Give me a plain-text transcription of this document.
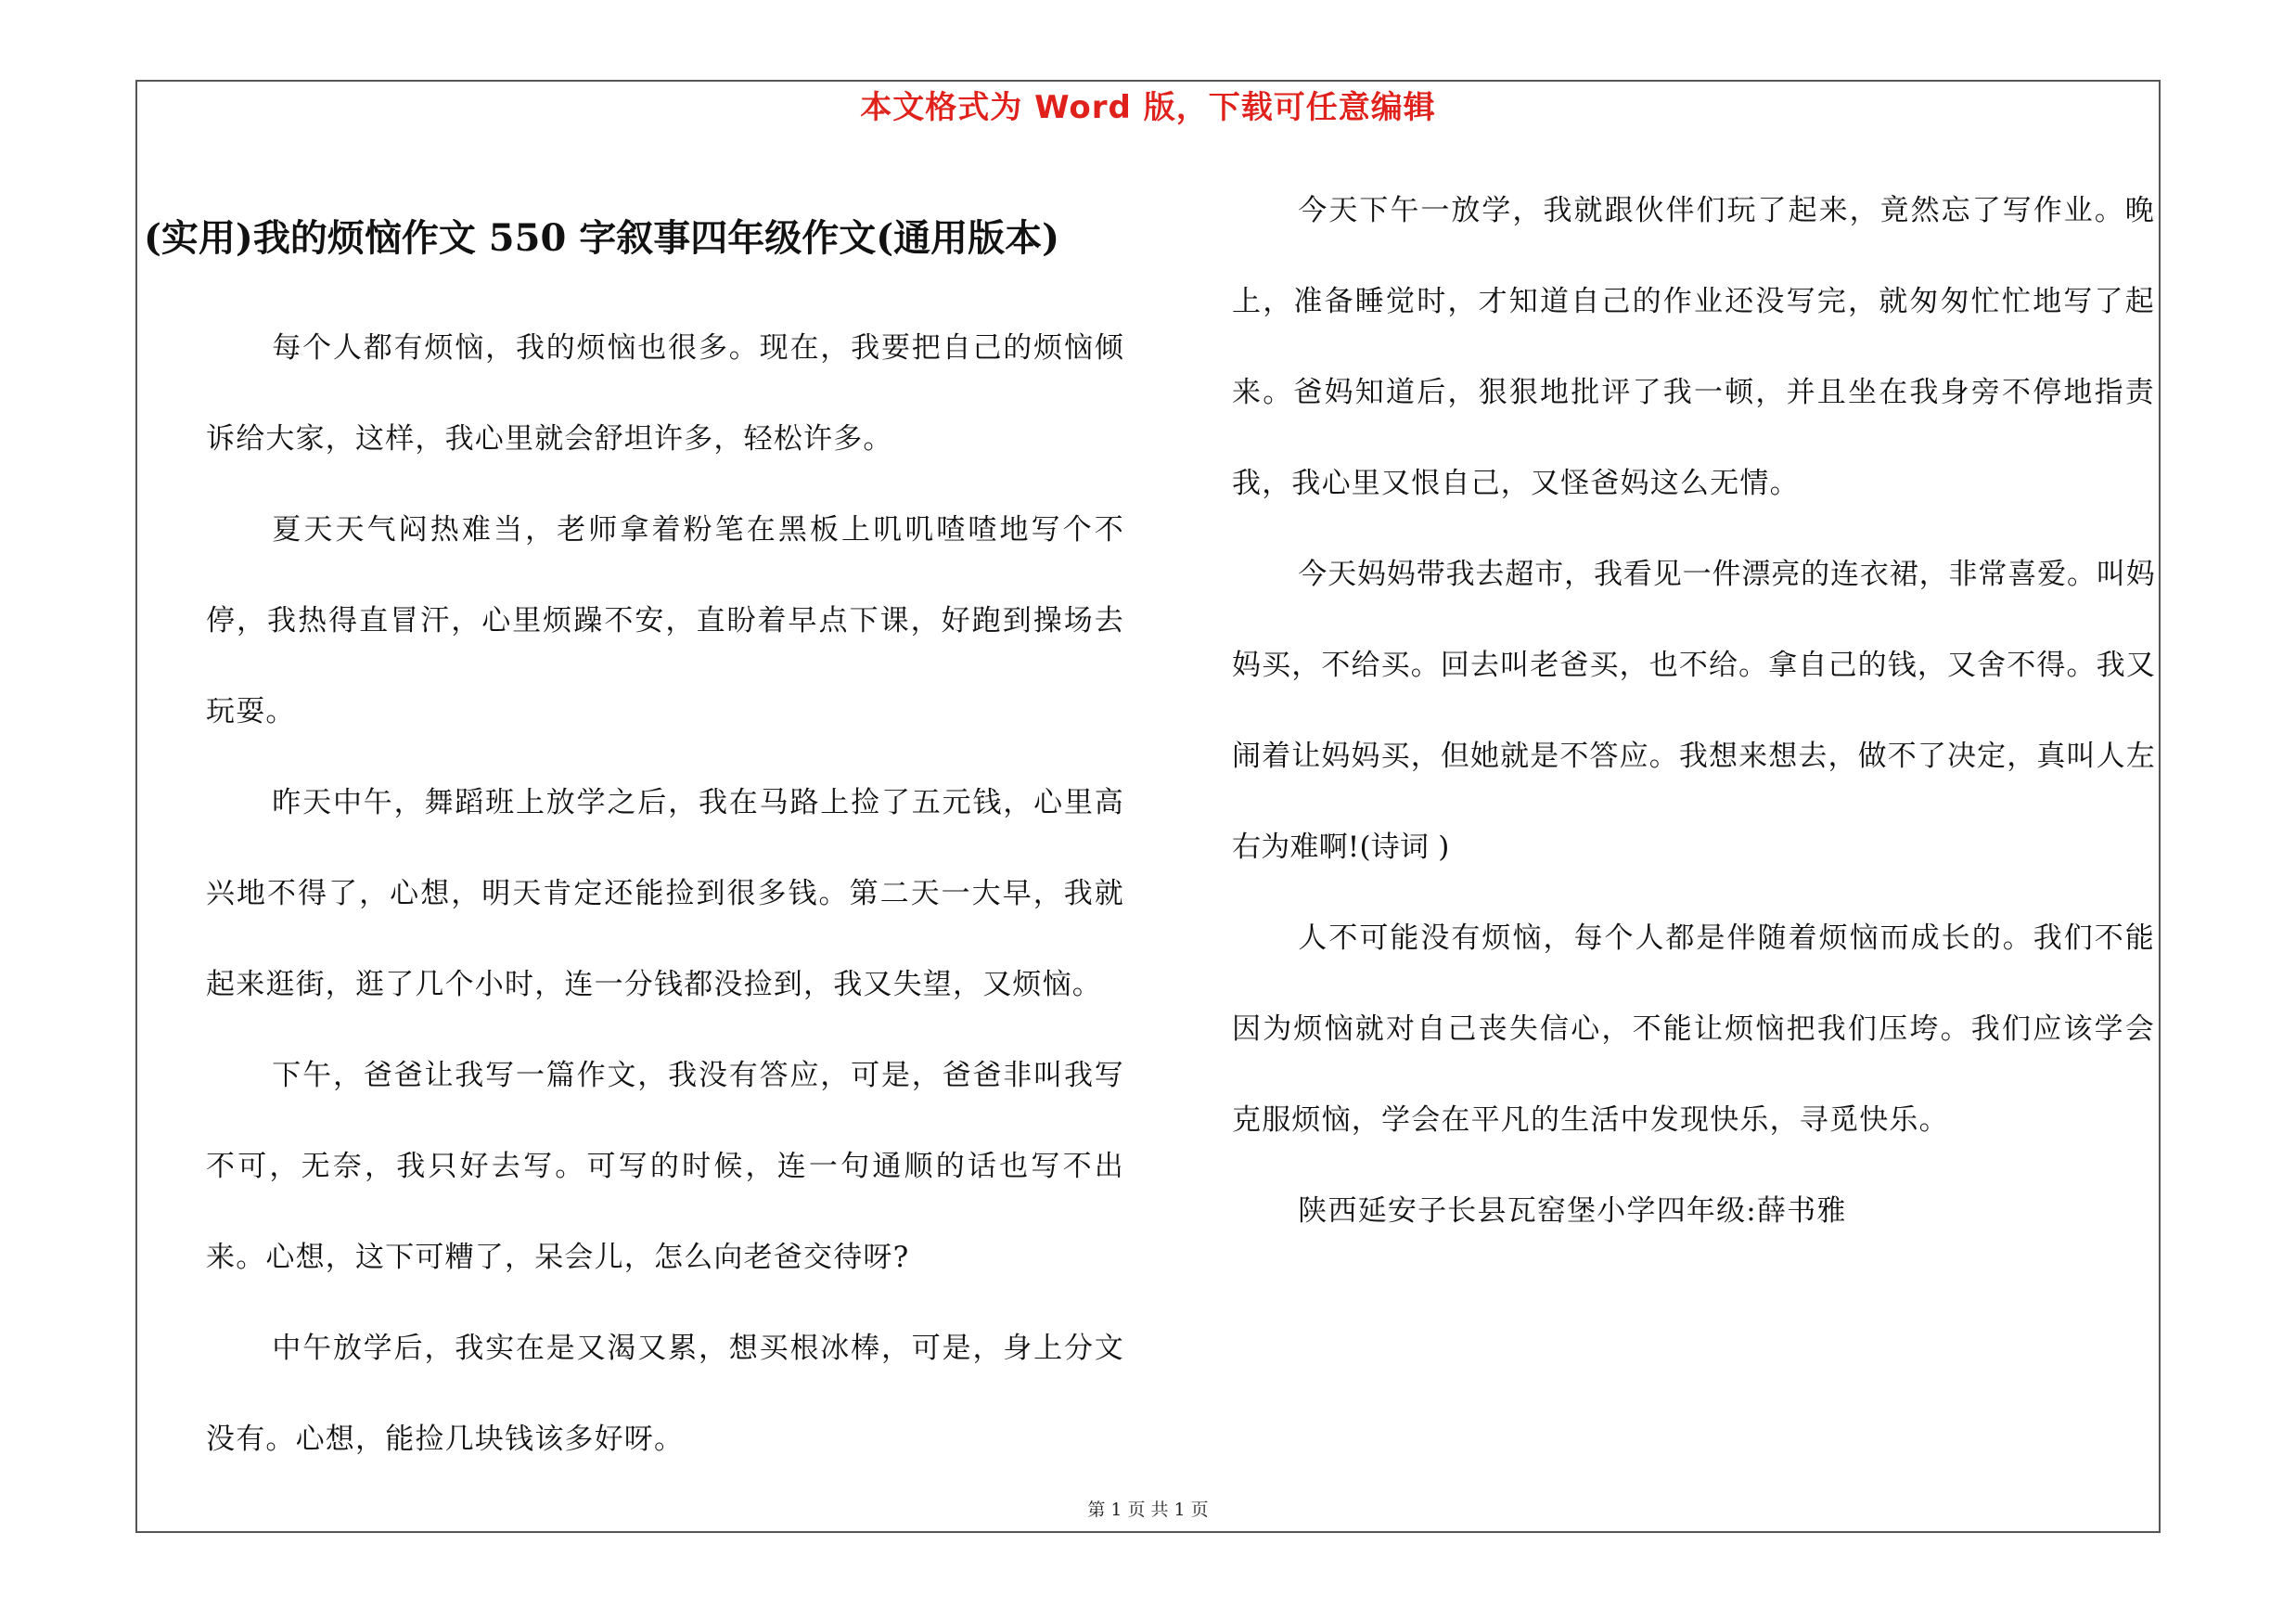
本文格式为 Word 版，下载可任意编辑
(实用)我的烦恼作文 550 字叙事四年级作文(通用版本)

每个人都有烦恼，我的烦恼也很多。现在，我要把自己的烦恼倾诉给大家，这样，我心里就会舒坦许多，轻松许多。

夏天天气闷热难当，老师拿着粉笔在黑板上叽叽喳喳地写个不停，我热得直冒汗，心里烦躁不安，直盼着早点下课，好跑到操场去玩耍。

昨天中午，舞蹈班上放学之后，我在马路上捡了五元钱，心里高兴地不得了，心想，明天肯定还能捡到很多钱。第二天一大早，我就起来逛街，逛了几个小时，连一分钱都没捡到，我又失望，又烦恼。

下午，爸爸让我写一篇作文，我没有答应，可是，爸爸非叫我写不可，无奈，我只好去写。可写的时候，连一句通顺的话也写不出来。心想，这下可糟了，呆会儿，怎么向老爸交待呀?

中午放学后，我实在是又渴又累，想买根冰棒，可是，身上分文没有。心想，能捡几块钱该多好呀。

今天下午一放学，我就跟伙伴们玩了起来，竟然忘了写作业。晚上，准备睡觉时，才知道自己的作业还没写完，就匆匆忙忙地写了起来。爸妈知道后，狠狠地批评了我一顿，并且坐在我身旁不停地指责我，我心里又恨自己，又怪爸妈这么无情。

今天妈妈带我去超市，我看见一件漂亮的连衣裙，非常喜爱。叫妈妈买，不给买。回去叫老爸买，也不给。拿自己的钱，又舍不得。我又闹着让妈妈买，但她就是不答应。我想来想去，做不了决定，真叫人左右为难啊!(诗词 )

人不可能没有烦恼，每个人都是伴随着烦恼而成长的。我们不能因为烦恼就对自己丧失信心，不能让烦恼把我们压垮。我们应该学会克服烦恼，学会在平凡的生活中发现快乐，寻觅快乐。

陕西延安子长县瓦窑堡小学四年级:薛书雅

第 1 页 共 1 页
